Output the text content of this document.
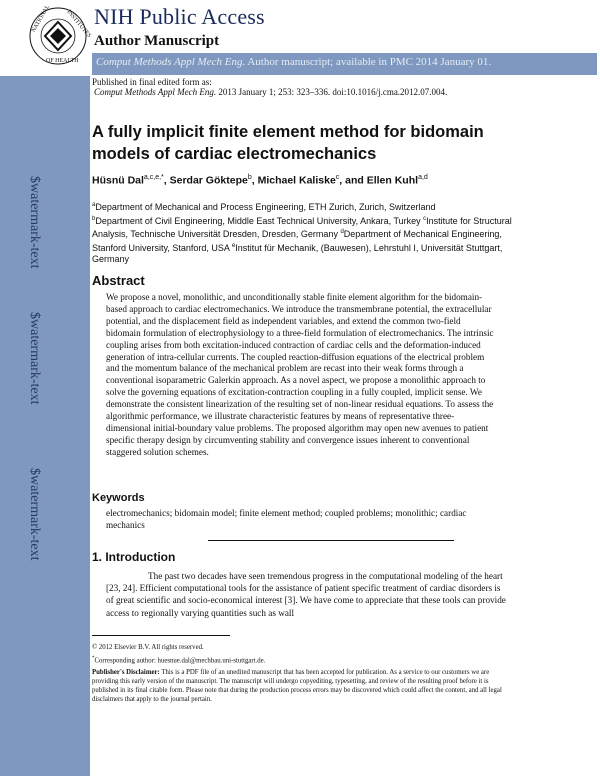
NATIONAL INSTITUTES
OF HEALTH
NIH Public Access
Author Manuscript
Comput Methods Appl Mech Eng. Author manuscript; available in PMC 2014 January 01.
$watermark-text
$watermark-text
$watermark-text
Published in final edited form as:
Comput Methods Appl Mech Eng. 2013 January 1; 253: 323–336. doi:10.1016/j.cma.2012.07.004.
A fully implicit finite element method for bidomain models of cardiac electromechanics
Hüsnü Dal$^{a,c,e,*}$, Serdar Göktepe$^b$, Michael Kaliske$^c$, and Ellen Kuhl$^{a,d}$
$^a$Department of Mechanical and Process Engineering, ETH Zurich, Zurich, Switzerland
$^b$Department of Civil Engineering, Middle East Technical University, Ankara, Turkey $^c$Institute for Structural Analysis, Technische Universität Dresden, Dresden, Germany $^d$Department of Mechanical Engineering, Stanford University, Stanford, USA $^e$Institut für Mechanik, (Bauwesen), Lehrstuhl I, Universität Stuttgart, Germany
Abstract
We propose a novel, monolithic, and unconditionally stable finite element algorithm for the bidomain-based approach to cardiac electromechanics. We introduce the transmembrane potential, the extracellular potential, and the displacement field as independent variables, and extend the common two-field bidomain formulation of electrophysiology to a three-field formulation of electromechanics. The intrinsic coupling arises from both excitation-induced contraction of cardiac cells and the deformation-induced generation of intra-cellular currents. The coupled reaction-diffusion equations of the electrical problem and the momentum balance of the mechanical problem are recast into their weak forms through a conventional isoparametric Galerkin approach. As a novel aspect, we propose a monolithic approach to solve the governing equations of excitation-contraction coupling in a fully coupled, implicit sense. We demonstrate the consistent linearization of the resulting set of non-linear residual equations. To assess the algorithmic performance, we illustrate characteristic features by means of representative three-dimensional initial-boundary value problems. The proposed algorithm may open new avenues to patient specific therapy design by circumventing stability and convergence issues inherent to conventional staggered solution schemes.
Keywords
electromechanics; bidomain model; finite element method; coupled problems; monolithic; cardiac mechanics
1. Introduction
The past two decades have seen tremendous progress in the computational modeling of the heart [23, 24]. Efficient computational tools for the assistance of patient specific treatment of cardiac disorders is of great scientific and socio-economical interest [3]. We have come to appreciate that these tools can provide access to regionally varying quantities such as wall
© 2012 Elsevier B.V. All rights reserved.
*Corresponding author: huesnue.dal@mechbau.uni-stuttgart.de.
Publisher's Disclaimer: This is a PDF file of an unedited manuscript that has been accepted for publication. As a service to our customers we are providing this early version of the manuscript. The manuscript will undergo copyediting, typesetting, and review of the resulting proof before it is published in its final citable form. Please note that during the production process errors may be discovered which could affect the content, and all legal disclaimers that apply to the journal pertain.
